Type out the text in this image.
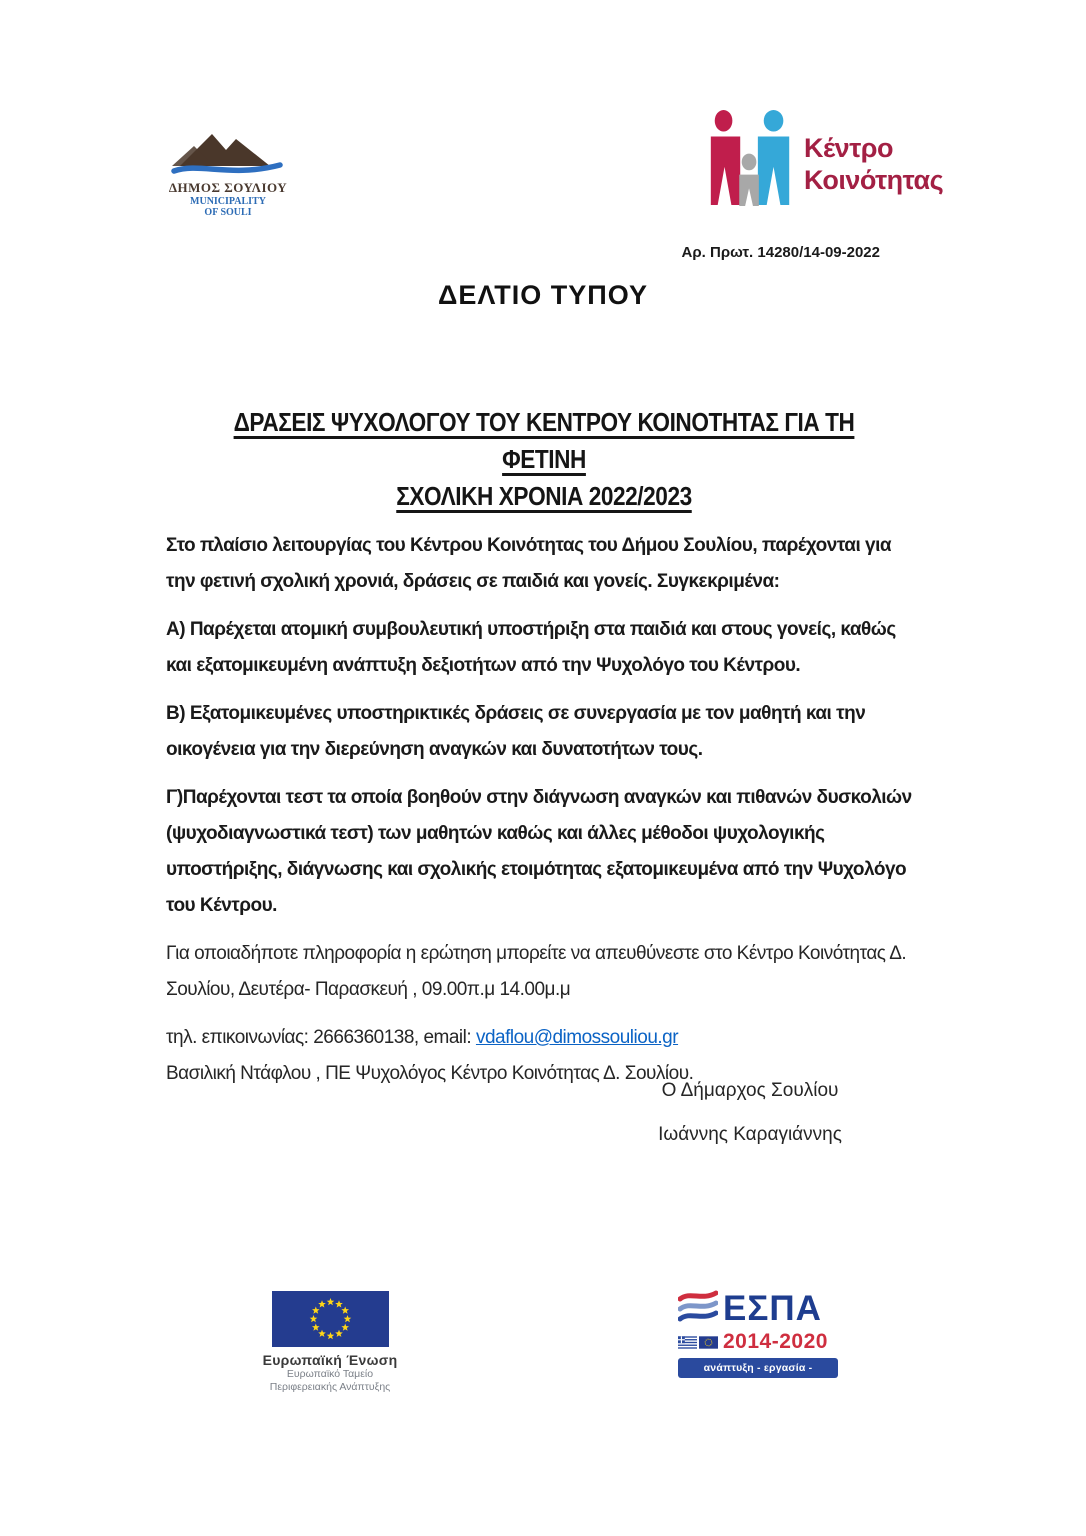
ΔΗΜΟΣ ΣΟΥΛΙΟΥ
MUNICIPALITY
OF SOULI
Κέντρο
Κοινότητας
Αρ. Πρωτ. 14280/14-09-2022
ΔΕΛΤΙΟ ΤΥΠΟΥ
ΔΡΑΣΕΙΣ ΨΥΧΟΛΟΓΟΥ ΤΟΥ ΚΕΝΤΡΟΥ ΚΟΙΝΟΤΗΤΑΣ ΓΙΑ ΤΗ ΦΕΤΙΝΗ
ΣΧΟΛΙΚΗ ΧΡΟΝΙΑ 2022/2023

Στο πλαίσιο λειτουργίας του Κέντρου Κοινότητας του Δήμου Σουλίου, παρέχονται για την φετινή σχολική χρονιά, δράσεις σε παιδιά και γονείς. Συγκεκριμένα:

Α) Παρέχεται ατομική συμβουλευτική υποστήριξη στα παιδιά και στους γονείς, καθώς και εξατομικευμένη ανάπτυξη δεξιοτήτων από την Ψυχολόγο του Κέντρου.

Β) Εξατομικευμένες υποστηρικτικές δράσεις σε συνεργασία με τον μαθητή και την οικογένεια για την διερεύνηση αναγκών και δυνατοτήτων τους.

Γ)Παρέχονται τεστ τα οποία βοηθούν στην διάγνωση αναγκών και πιθανών δυσκολιών (ψυχοδιαγνωστικά τεστ) των μαθητών καθώς και άλλες μέθοδοι ψυχολογικής υποστήριξης, διάγνωσης και σχολικής ετοιμότητας εξατομικευμένα από την Ψυχολόγο του Κέντρου.

Για οποιαδήποτε πληροφορία η ερώτηση μπορείτε να απευθύνεστε στο Κέντρο Κοινότητας Δ. Σουλίου, Δευτέρα- Παρασκευή , 09.00π.μ 14.00μ.μ

τηλ. επικοινωνίας: 2666360138, email: vdaflou@dimossouliou.gr
Βασιλική Ντάφλου , ΠΕ Ψυχολόγος Κέντρο Κοινότητας Δ. Σουλίου.

Ο Δήμαρχος Σουλίου
Ιωάννης Καραγιάννης
Ευρωπαϊκή Ένωση
Ευρωπαϊκό Ταμείο
Περιφερειακής Ανάπτυξης
ΕΣΠΑ
2014-2020
ανάπτυξη - εργασία - αλληλεγγύη
